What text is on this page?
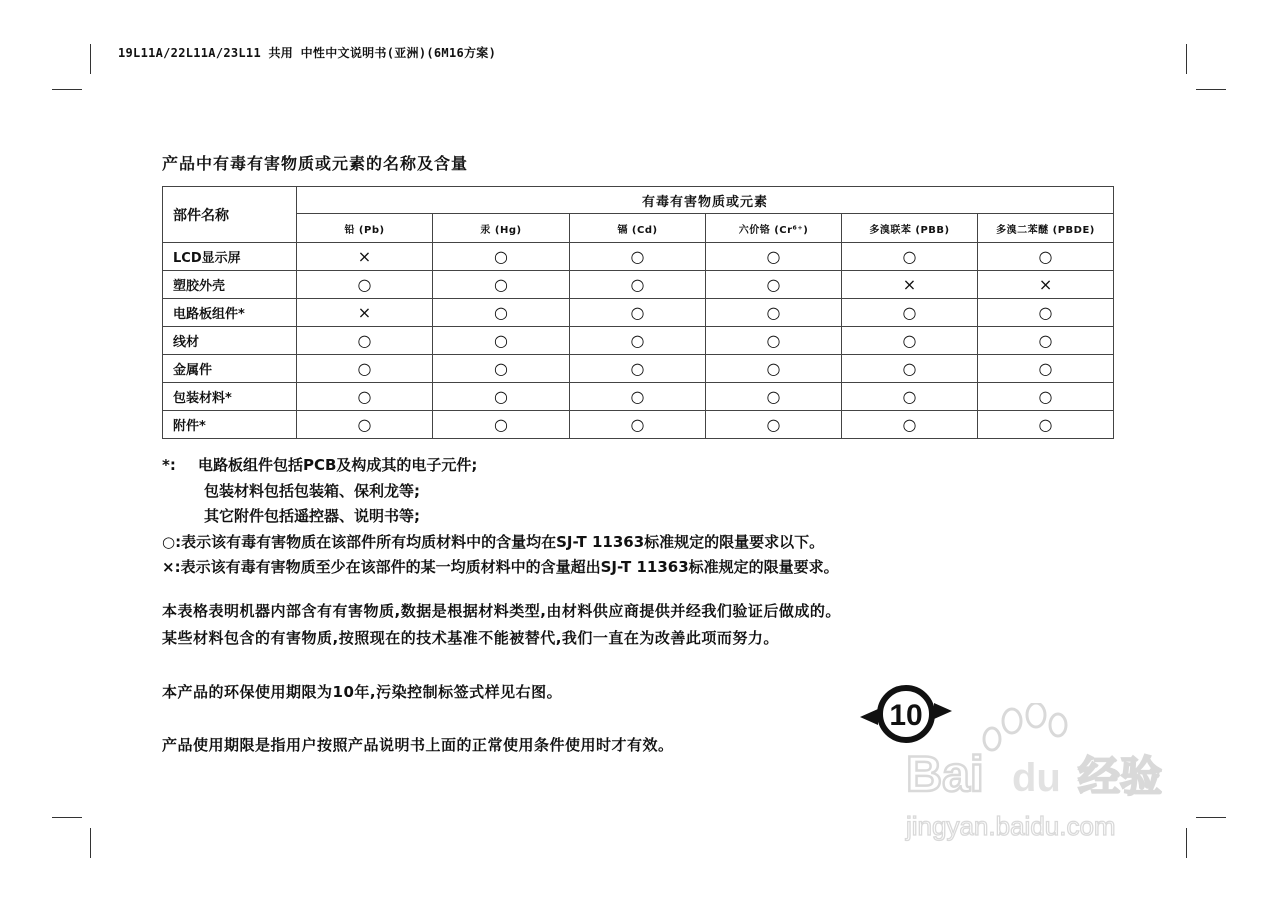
19L11A/22L11A/23L11 共用 中性中文说明书(亚洲)(6M16方案)
产品中有毒有害物质或元素的名称及含量
部件名称	有毒有害物质或元素					
	铅 (Pb)	汞 (Hg)	镉 (Cd)	六价铬 (Cr⁶⁺)	多溴联苯 (PBB)	多溴二苯醚 (PBDE)
LCD显示屏	×	○	○	○	○	○
塑胶外壳	○	○	○	○	×	×
电路板组件*	×	○	○	○	○	○
线材	○	○	○	○	○	○
金属件	○	○	○	○	○	○
包装材料*	○	○	○	○	○	○
附件*	○	○	○	○	○	○
*: 电路板组件包括PCB及构成其的电子元件;
包装材料包括包装箱、保利龙等;
其它附件包括遥控器、说明书等;
○:表示该有毒有害物质在该部件所有均质材料中的含量均在SJ-T 11363标准规定的限量要求以下。
×:表示该有毒有害物质至少在该部件的某一均质材料中的含量超出SJ-T 11363标准规定的限量要求。
本表格表明机器内部含有有害物质,数据是根据材料类型,由材料供应商提供并经我们验证后做成的。
某些材料包含的有害物质,按照现在的技术基准不能被替代,我们一直在为改善此项而努力。
本产品的环保使用期限为10年,污染控制标签式样见右图。
产品使用期限是指用户按照产品说明书上面的正常使用条件使用时才有效。
10
Bai du 经验
jingyan.baidu.com
